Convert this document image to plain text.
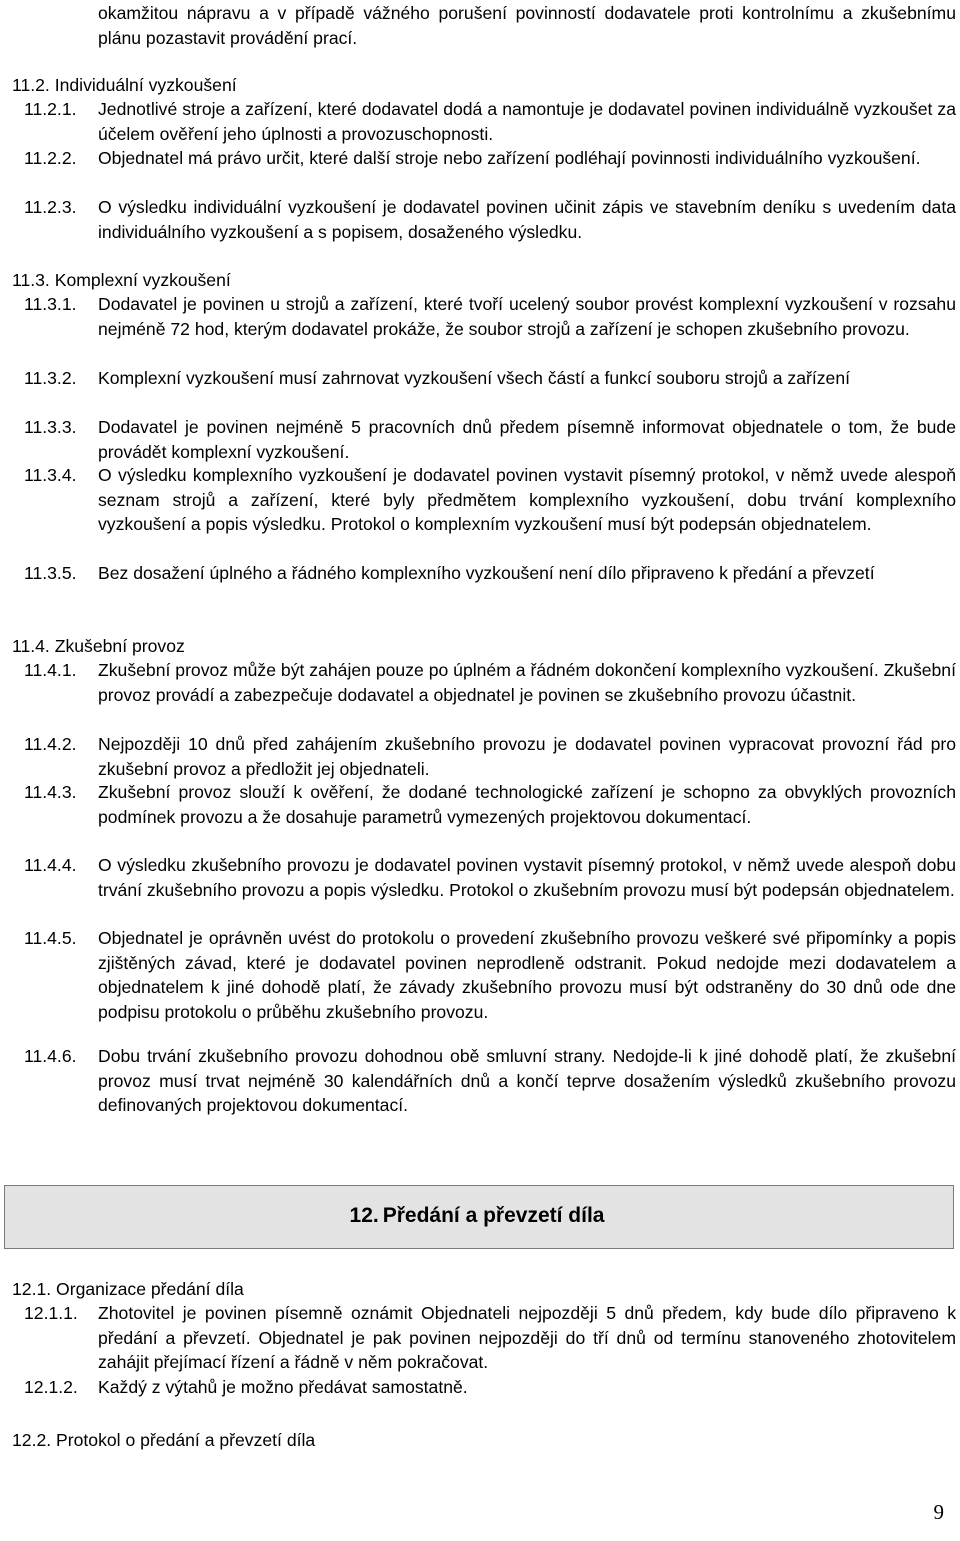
okamžitou nápravu a v případě vážného porušení povinností dodavatele proti kontrolnímu a zkušebnímu plánu pozastavit provádění prací.
11.2. Individuální vyzkoušení
11.2.1. Jednotlivé stroje a zařízení, které dodavatel dodá a namontuje je dodavatel povinen individuálně vyzkoušet za účelem ověření jeho úplnosti a provozuschopnosti.
11.2.2. Objednatel má právo určit, které další stroje nebo zařízení podléhají povinnosti individuálního vyzkoušení.
11.2.3. O výsledku individuální vyzkoušení je dodavatel povinen učinit zápis ve stavebním deníku s uvedením data individuálního vyzkoušení a s popisem, dosaženého výsledku.
11.3. Komplexní vyzkoušení
11.3.1. Dodavatel je povinen u strojů a zařízení, které tvoří ucelený soubor provést komplexní vyzkoušení v rozsahu nejméně 72 hod, kterým dodavatel prokáže, že soubor strojů a zařízení je schopen zkušebního provozu.
11.3.2. Komplexní vyzkoušení musí zahrnovat vyzkoušení všech částí a funkcí souboru strojů a zařízení
11.3.3. Dodavatel je povinen nejméně 5 pracovních dnů předem písemně informovat objednatele o tom, že bude provádět komplexní vyzkoušení.
11.3.4. O výsledku komplexního vyzkoušení je dodavatel povinen vystavit písemný protokol, v němž uvede alespoň seznam strojů a zařízení, které byly předmětem komplexního vyzkoušení, dobu trvání komplexního vyzkoušení a popis výsledku. Protokol o komplexním vyzkoušení musí být podepsán objednatelem.
11.3.5. Bez dosažení úplného a řádného komplexního vyzkoušení není dílo připraveno k předání a převzetí
11.4. Zkušební provoz
11.4.1. Zkušební provoz může být zahájen pouze po úplném a řádném dokončení komplexního vyzkoušení. Zkušební provoz provádí a zabezpečuje dodavatel a objednatel je povinen se zkušebního provozu účastnit.
11.4.2. Nejpozději 10 dnů před zahájením zkušebního provozu je dodavatel povinen vypracovat provozní řád pro zkušební provoz a předložit jej objednateli.
11.4.3. Zkušební provoz slouží k ověření, že dodané technologické zařízení je schopno za obvyklých provozních podmínek provozu a že dosahuje parametrů vymezených projektovou dokumentací.
11.4.4. O výsledku zkušebního provozu je dodavatel povinen vystavit písemný protokol, v němž uvede alespoň dobu trvání zkušebního provozu a popis výsledku. Protokol o zkušebním provozu musí být podepsán objednatelem.
11.4.5. Objednatel je oprávněn uvést do protokolu o provedení zkušebního provozu veškeré své připomínky a popis zjištěných závad, které je dodavatel povinen neprodleně odstranit. Pokud nedojde mezi dodavatelem a objednatelem k jiné dohodě platí, že závady zkušebního provozu musí být odstraněny do 30 dnů ode dne podpisu protokolu o průběhu zkušebního provozu.
11.4.6. Dobu trvání zkušebního provozu dohodnou obě smluvní strany. Nedojde-li k jiné dohodě platí, že zkušební provoz musí trvat nejméně 30 kalendářních dnů a končí teprve dosažením výsledků zkušebního provozu definovaných projektovou dokumentací.
12. Předání a převzetí díla
12.1. Organizace předání díla
12.1.1. Zhotovitel je povinen písemně oznámit Objednateli nejpozději 5 dnů předem, kdy bude dílo připraveno k předání a převzetí. Objednatel je pak povinen nejpozději do tří dnů od termínu stanoveného zhotovitelem zahájit přejímací řízení a řádně v něm pokračovat.
12.1.2. Každý z výtahů je možno předávat samostatně.
12.2. Protokol o předání a převzetí díla
9
